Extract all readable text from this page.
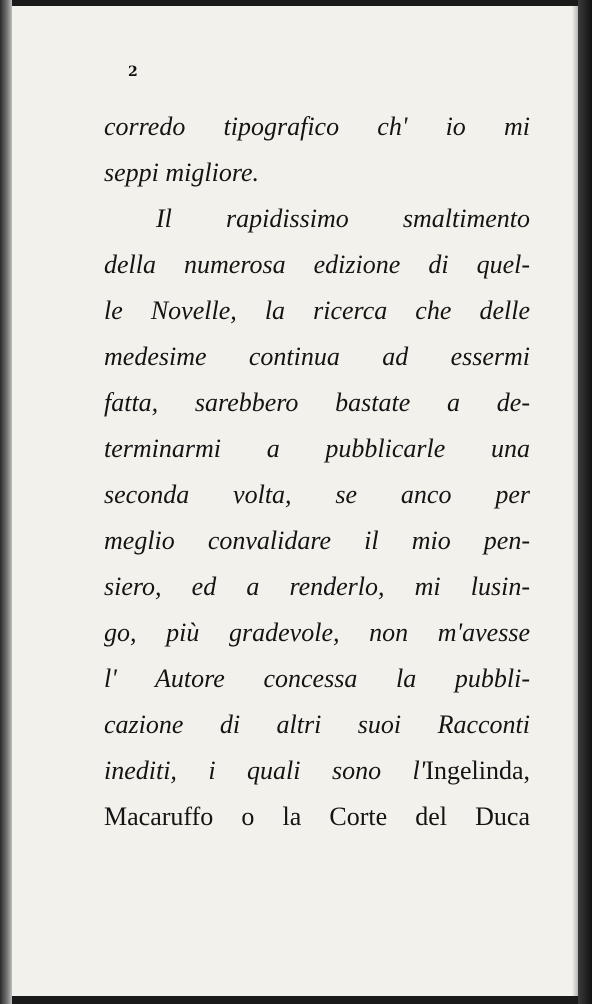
2
corredo tipografico ch' io mi
seppi migliore.
Il rapidissimo smaltimento
della numerosa edizione di quel-
le Novelle, la ricerca che delle
medesime continua ad essermi
fatta, sarebbero bastate a de-
terminarmi a pubblicarle una
seconda volta, se anco per
meglio convalidare il mio pen-
siero, ed a renderlo, mi lusin-
go, più gradevole, non m'avesse
l' Autore concessa la pubbli-
cazione di altri suoi Racconti
inediti, i quali sono l'Ingelinda,
Macaruffo o la Corte del Duca
